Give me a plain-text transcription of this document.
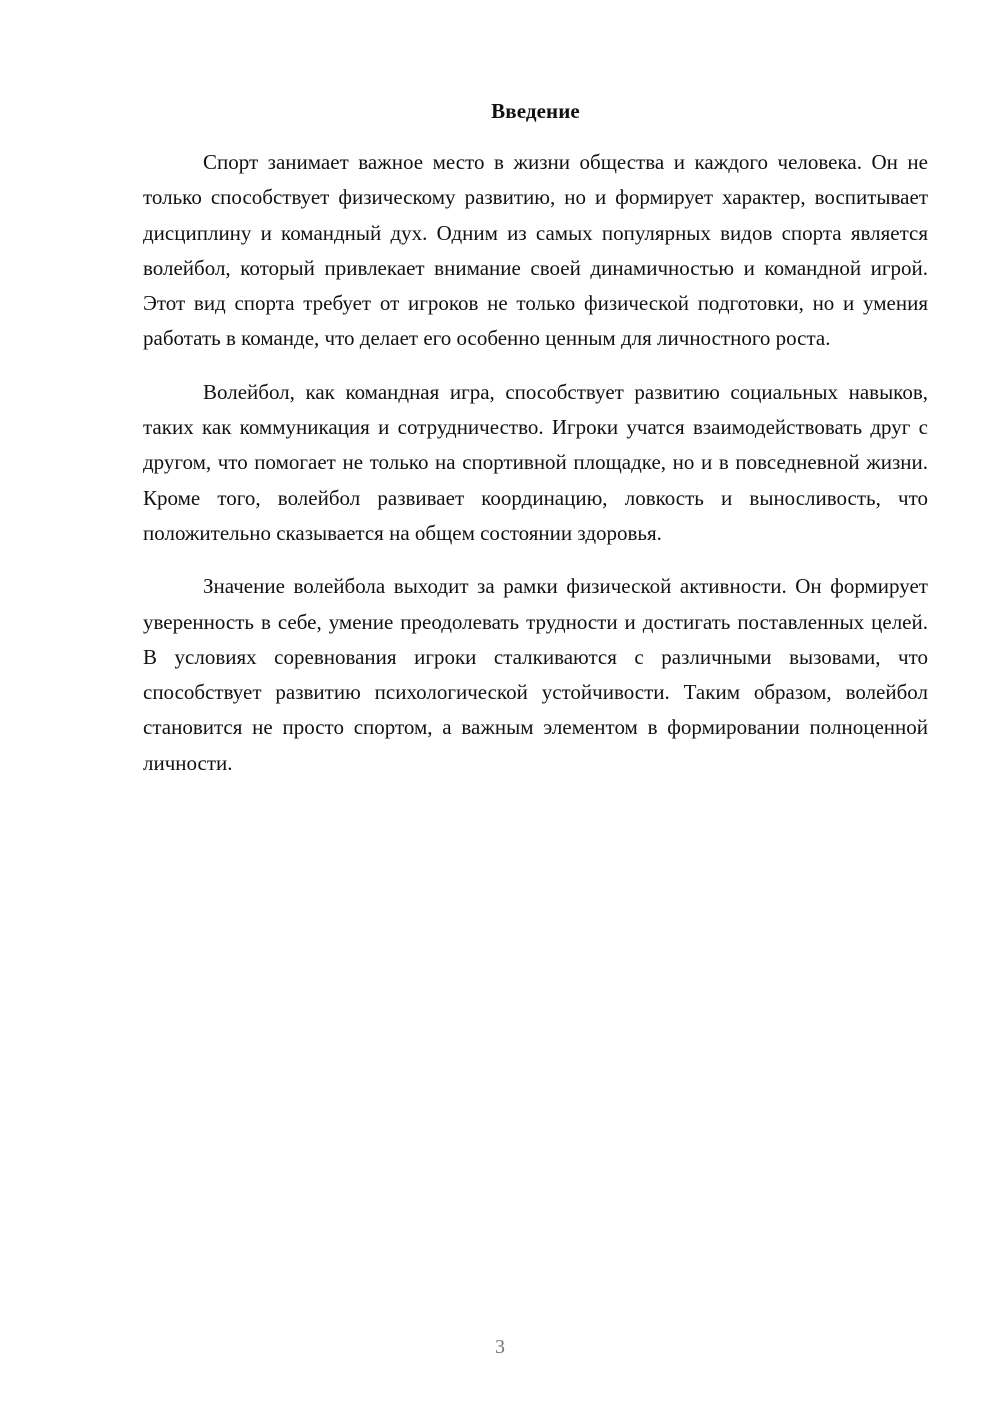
Введение

Спорт занимает важное место в жизни общества и каждого человека. Он не только способствует физическому развитию, но и формирует характер, воспитывает дисциплину и командный дух. Одним из самых популярных видов спорта является волейбол, который привлекает внимание своей динамичностью и командной игрой. Этот вид спорта требует от игроков не только физической подготовки, но и умения работать в команде, что делает его особенно ценным для личностного роста.

Волейбол, как командная игра, способствует развитию социальных навыков, таких как коммуникация и сотрудничество. Игроки учатся взаимодействовать друг с другом, что помогает не только на спортивной площадке, но и в повседневной жизни. Кроме того, волейбол развивает координацию, ловкость и выносливость, что положительно сказывается на общем состоянии здоровья.

Значение волейбола выходит за рамки физической активности. Он формирует уверенность в себе, умение преодолевать трудности и достигать поставленных целей. В условиях соревнования игроки сталкиваются с различными вызовами, что способствует развитию психологической устойчивости. Таким образом, волейбол становится не просто спортом, а важным элементом в формировании полноценной личности.

3
